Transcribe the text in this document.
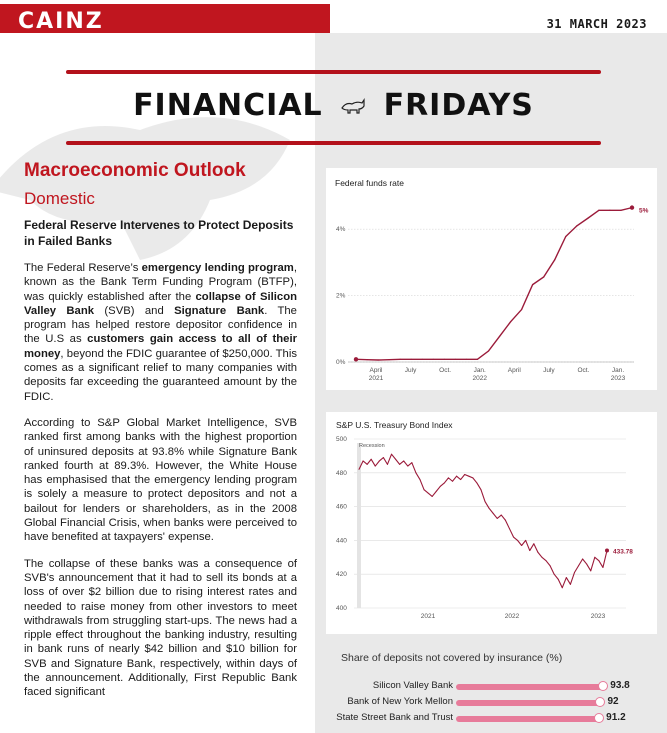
CAINZ	31 MARCH 2023
FINANCIAL FRIDAYS
Macroeconomic Outlook
Domestic
Federal Reserve Intervenes to Protect Deposits in Failed Banks
The Federal Reserve’s emergency lending program, known as the Bank Term Funding Program (BTFP), was quickly established after the collapse of Silicon Valley Bank (SVB) and Signature Bank. The program has helped restore depositor confidence in the U.S as customers gain access to all of their money, beyond the FDIC guarantee of $250,000. This comes as a significant relief to many companies with deposits far exceeding the guaranteed amount by the FDIC.
According to S&P Global Market Intelligence, SVB ranked first among banks with the highest proportion of uninsured deposits at 93.8% while Signature Bank ranked fourth at 89.3%. However, the White House has emphasised that the emergency lending program is solely a measure to protect depositors and not a bailout for lenders or shareholders, as in the 2008 Global Financial Crisis, when banks were perceived to have benefited at taxpayers' expense.
The collapse of these banks was a consequence of SVB's announcement that it had to sell its bonds at a loss of over $2 billion due to rising interest rates and needed to raise money from other investors to meet withdrawals from struggling start-ups. The news had a ripple effect throughout the banking industry, resulting in bank runs of nearly $42 billion and $10 billion for SVB and Signature Bank, respectively, within days of the announcement. Additionally, First Republic Bank faced significant
Federal funds rate
0%
2%
4%
5%
April
2021
July	Oct.	Jan.
2022
April	July	Oct.	Jan.
2023
S&P U.S. Treasury Bond Index
400
420
440
460
480
500
Recession
433.78
2021	2022	2023
Share of deposits not covered by insurance (%)
Silicon Valley Bank	93.8
Bank of New York Mellon	92
State Street Bank and Trust	91.2
